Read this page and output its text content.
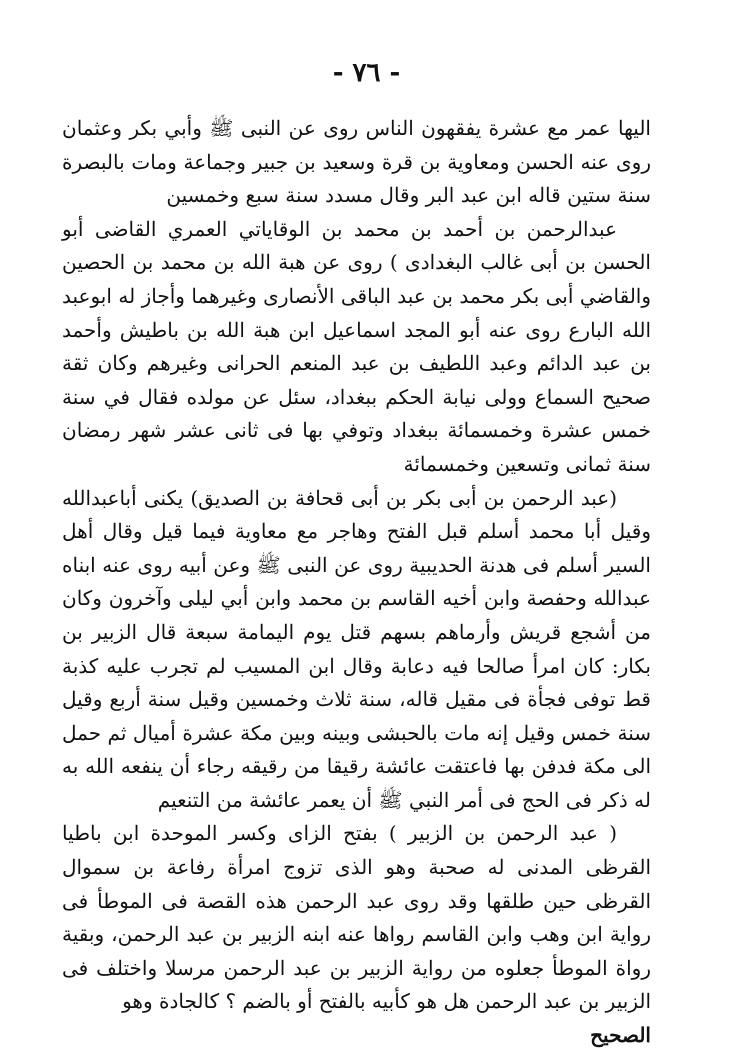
- ٧٦ -

اليها عمر مع عشرة يفقهون الناس روى عن النبى ﷺ وأبي بكر وعثمان روى عنه الحسن ومعاوية بن قرة وسعيد بن جبير وجماعة ومات بالبصرة سنة ستين قاله ابن عبد البر وقال مسدد سنة سبع وخمسين

عبدالرحمن بن أحمد بن محمد بن الوقاياتي العمري القاضى أبو الحسن بن أبى غالب البغدادى ) روى عن هبة الله بن محمد بن الحصين والقاضي أبى بكر محمد بن عبد الباقى الأنصارى وغيرهما وأجاز له ابوعبد الله البارع روى عنه أبو المجد اسماعيل ابن هبة الله بن باطيش وأحمد بن عبد الدائم وعبد اللطيف بن عبد المنعم الحرانى وغيرهم وكان ثقة صحيح السماع وولى نيابة الحكم ببغداد، سئل عن مولده فقال في سنة خمس عشرة وخمسمائة ببغداد وتوفي بها فى ثانى عشر شهر رمضان سنة ثمانى وتسعين وخمسمائة

(عبد الرحمن بن أبى بكر بن أبى قحافة بن الصديق) يكنى أباعبدالله وقيل أبا محمد أسلم قبل الفتح وهاجر مع معاوية فيما قيل وقال أهل السير أسلم فى هدنة الحديبية روى عن النبى ﷺ وعن أبيه روى عنه ابناه عبدالله وحفصة وابن أخيه القاسم بن محمد وابن أبي ليلى وآخرون وكان من أشجع قريش وأرماهم بسهم قتل يوم اليمامة سبعة قال الزبير بن بكار: كان امرأ صالحا فيه دعابة وقال ابن المسيب لم تجرب عليه كذبة قط توفى فجأة فى مقيل قاله، سنة ثلاث وخمسين وقيل سنة أربع وقيل سنة خمس وقيل إنه مات بالحبشى وبينه وبين مكة عشرة أميال ثم حمل الى مكة فدفن بها فاعتقت عائشة رقيقا من رقيقه رجاء أن ينفعه الله به له ذكر فى الحج فى أمر النبي ﷺ أن يعمر عائشة من التنعيم

( عبد الرحمن بن الزبير ) بفتح الزاى وكسر الموحدة ابن باطيا القرظى المدنى له صحبة وهو الذى تزوج امرأة رفاعة بن سموال القرظى حين طلقها وقد روى عبد الرحمن هذه القصة فى الموطأ فى رواية ابن وهب وابن القاسم رواها عنه ابنه الزبير بن عبد الرحمن، وبقية رواة الموطأ جعلوه من رواية الزبير بن عبد الرحمن مرسلا واختلف فى الزبير بن عبد الرحمن هل هو كأبيه بالفتح أو بالضم ؟ كالجادة وهو

الصحيح
